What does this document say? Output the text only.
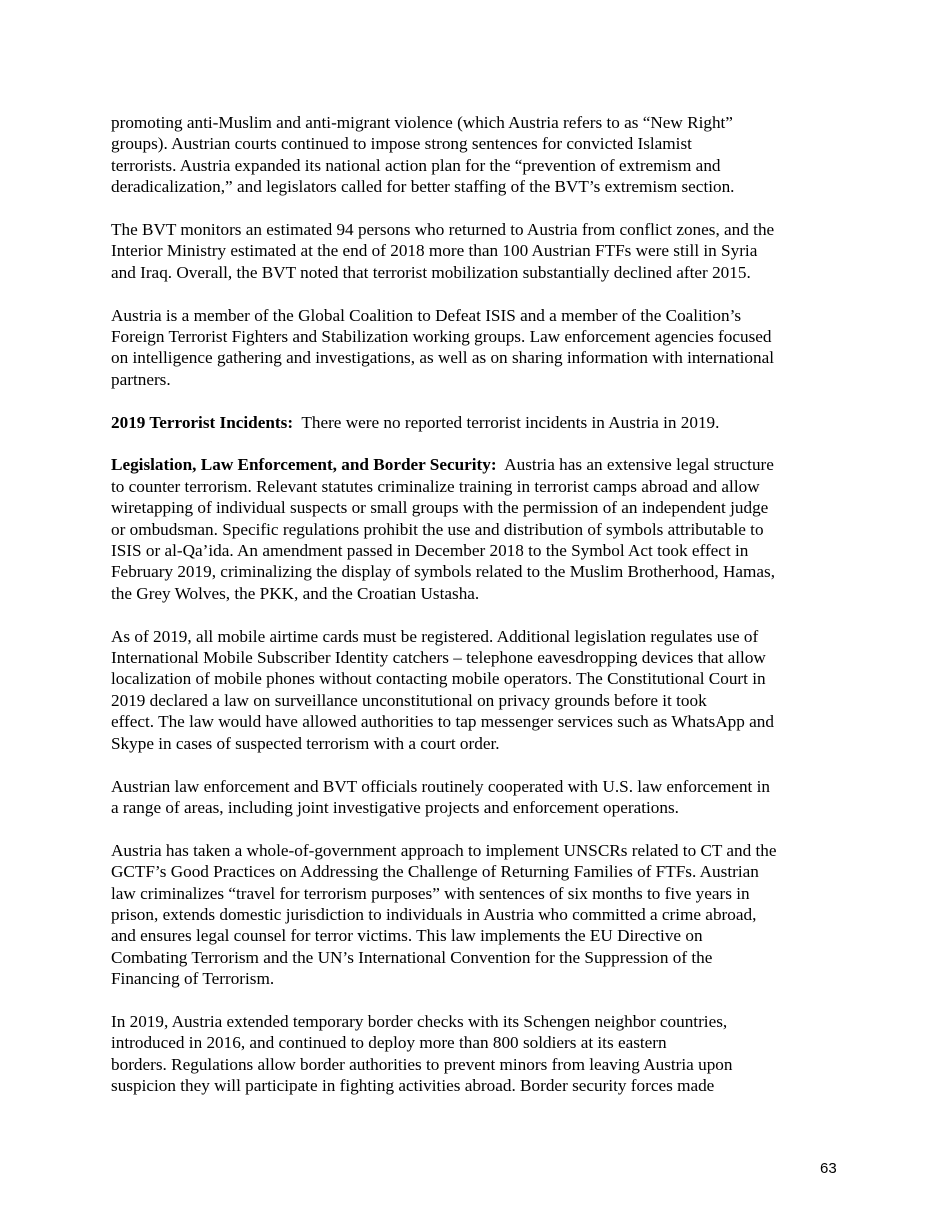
promoting anti-Muslim and anti-migrant violence (which Austria refers to as “New Right”
groups). Austrian courts continued to impose strong sentences for convicted Islamist
terrorists. Austria expanded its national action plan for the “prevention of extremism and
deradicalization,” and legislators called for better staffing of the BVT’s extremism section.

The BVT monitors an estimated 94 persons who returned to Austria from conflict zones, and the
Interior Ministry estimated at the end of 2018 more than 100 Austrian FTFs were still in Syria
and Iraq. Overall, the BVT noted that terrorist mobilization substantially declined after 2015.

Austria is a member of the Global Coalition to Defeat ISIS and a member of the Coalition’s
Foreign Terrorist Fighters and Stabilization working groups. Law enforcement agencies focused
on intelligence gathering and investigations, as well as on sharing information with international
partners.

2019 Terrorist Incidents:  There were no reported terrorist incidents in Austria in 2019.

Legislation, Law Enforcement, and Border Security:  Austria has an extensive legal structure
to counter terrorism. Relevant statutes criminalize training in terrorist camps abroad and allow
wiretapping of individual suspects or small groups with the permission of an independent judge
or ombudsman. Specific regulations prohibit the use and distribution of symbols attributable to
ISIS or al-Qa’ida. An amendment passed in December 2018 to the Symbol Act took effect in
February 2019, criminalizing the display of symbols related to the Muslim Brotherhood, Hamas,
the Grey Wolves, the PKK, and the Croatian Ustasha.

As of 2019, all mobile airtime cards must be registered. Additional legislation regulates use of
International Mobile Subscriber Identity catchers – telephone eavesdropping devices that allow
localization of mobile phones without contacting mobile operators. The Constitutional Court in
2019 declared a law on surveillance unconstitutional on privacy grounds before it took
effect. The law would have allowed authorities to tap messenger services such as WhatsApp and
Skype in cases of suspected terrorism with a court order.

Austrian law enforcement and BVT officials routinely cooperated with U.S. law enforcement in
a range of areas, including joint investigative projects and enforcement operations.

Austria has taken a whole-of-government approach to implement UNSCRs related to CT and the
GCTF’s Good Practices on Addressing the Challenge of Returning Families of FTFs. Austrian
law criminalizes “travel for terrorism purposes” with sentences of six months to five years in
prison, extends domestic jurisdiction to individuals in Austria who committed a crime abroad,
and ensures legal counsel for terror victims. This law implements the EU Directive on
Combating Terrorism and the UN’s International Convention for the Suppression of the
Financing of Terrorism.

In 2019, Austria extended temporary border checks with its Schengen neighbor countries,
introduced in 2016, and continued to deploy more than 800 soldiers at its eastern
borders. Regulations allow border authorities to prevent minors from leaving Austria upon
suspicion they will participate in fighting activities abroad. Border security forces made

63
